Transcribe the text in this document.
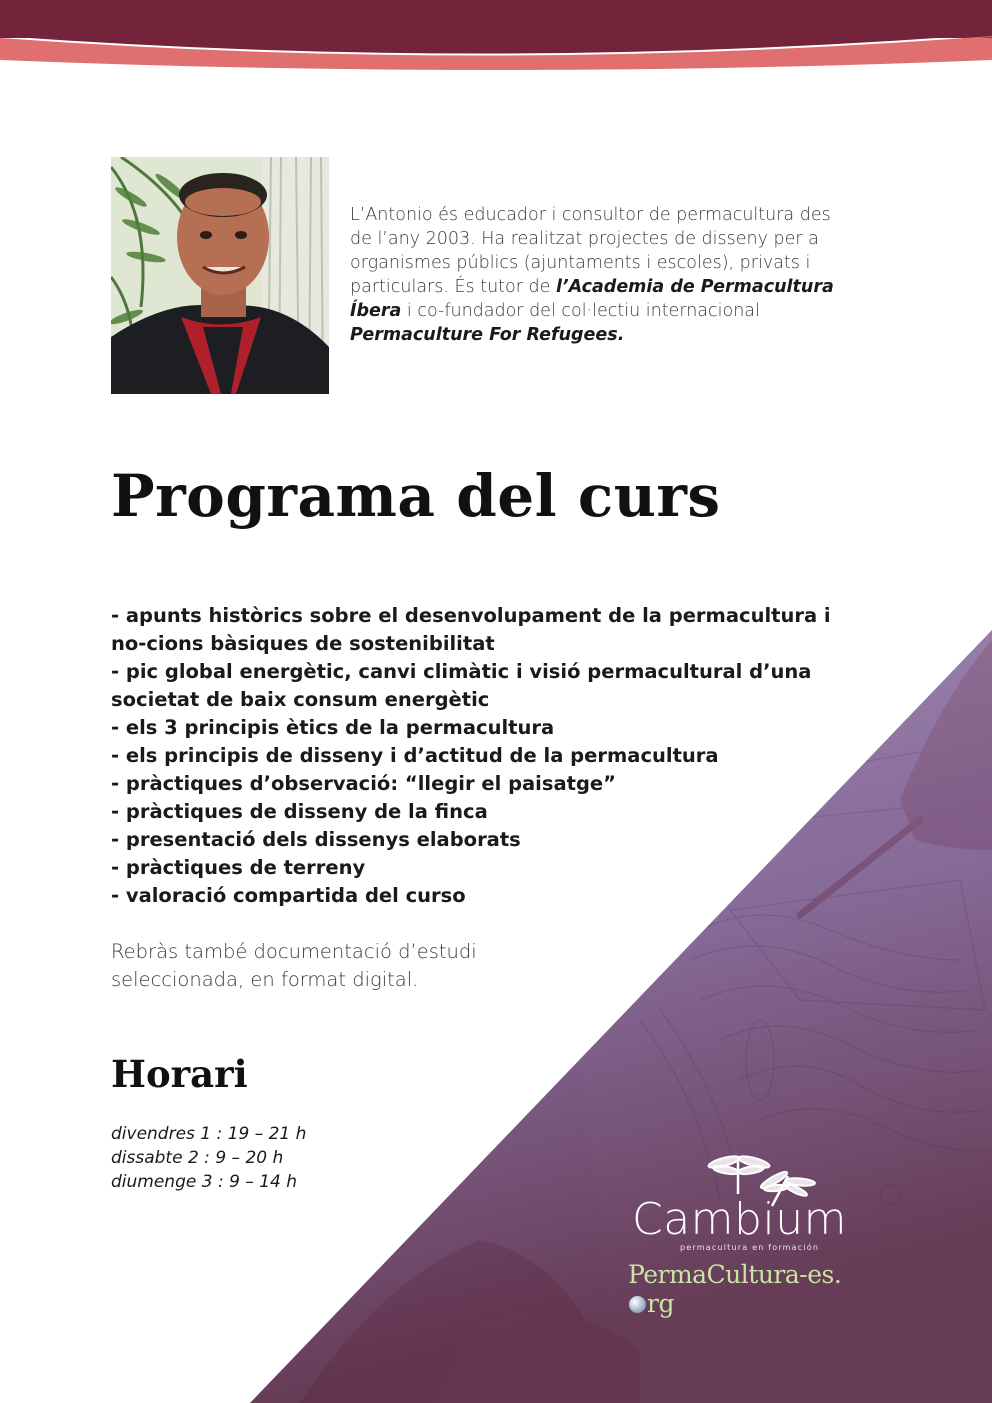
L’Antonio és educador i consultor de permacultura des de l’any 2003. Ha realitzat projectes de disseny per a organismes públics (ajuntaments i escoles), privats i particulars. És tutor de l’Academia de Permacultura Íbera i co-fundador del col·lectiu internacional Permaculture For Refugees.
Programa del curs
- apunts històrics sobre el desenvolupament de la permacultura i no-cions bàsiques de sostenibilitat
- pic global energètic, canvi climàtic i visió permacultural d’una societat de baix consum energètic
- els 3 principis ètics de la permacultura
- els principis de disseny i d’actitud de la permacultura
- pràctiques d’observació: “llegir el paisatge”
- pràctiques de disseny de la finca
- presentació dels dissenys elaborats
- pràctiques de terreny
- valoració compartida del curso
Rebràs també documentació d’estudi seleccionada, en format digital.
Horari
divendres 1 : 19 – 21 h
dissabte 2 : 9 – 20 h
diumenge 3 : 9 – 14 h
Cambium
permacultura en formación
PermaCultura-es.rg
